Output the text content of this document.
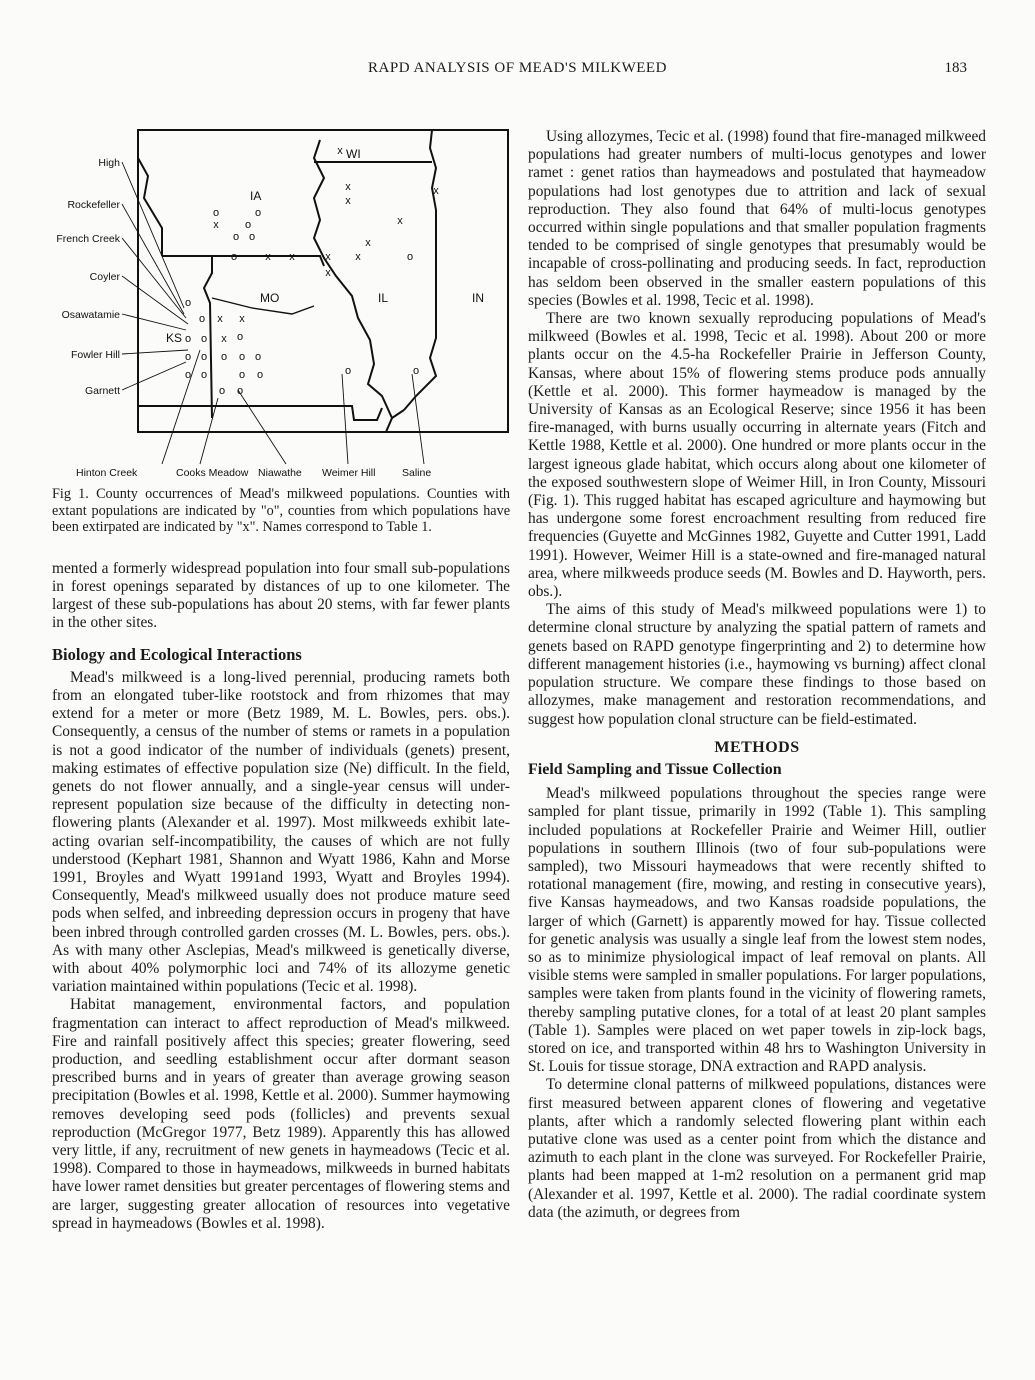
RAPD ANALYSIS OF MEAD'S MILKWEED	183
WI
IA
MO	IL	IN
KS
High
Rockefeller
French Creek
Coyler
Osawatamie
Fowler Hill
Garnett
Hinton Creek	Cooks Meadow Niawathe Weimer Hill	Saline
o	o
o
o o
o	o
o
o
o
o o
o o	o o
o
o o	o o
o o
o	o
x
x
x
x
x
x
x
x
x x
x
x
x
x
x
Fig 1. County occurrences of Mead's milkweed populations. Counties with extant populations are indicated by "o", counties from which populations have been extirpated are indicated by "x". Names correspond to Table 1.

mented a formerly widespread population into four small sub-populations in forest openings separated by distances of up to one kilometer. The largest of these sub-populations has about 20 stems, with far fewer plants in the other sites.

Biology and Ecological Interactions

Mead's milkweed is a long-lived perennial, producing ramets both from an elongated tuber-like rootstock and from rhizomes that may extend for a meter or more (Betz 1989, M. L. Bowles, pers. obs.). Consequently, a census of the number of stems or ramets in a population is not a good indicator of the number of individuals (genets) present, making estimates of effective population size (Ne) difficult. In the field, genets do not flower annually, and a single-year census will under-represent population size because of the difficulty in detecting non-flowering plants (Alexander et al. 1997). Most milkweeds exhibit late-acting ovarian self-incompatibility, the causes of which are not fully understood (Kephart 1981, Shannon and Wyatt 1986, Kahn and Morse 1991, Broyles and Wyatt 1991and 1993, Wyatt and Broyles 1994). Consequently, Mead's milkweed usually does not produce mature seed pods when selfed, and inbreeding depression occurs in progeny that have been inbred through controlled garden crosses (M. L. Bowles, pers. obs.). As with many other Asclepias, Mead's milkweed is genetically diverse, with about 40% polymorphic loci and 74% of its allozyme genetic variation maintained within populations (Tecic et al. 1998).

Habitat management, environmental factors, and population fragmentation can interact to affect reproduction of Mead's milkweed. Fire and rainfall positively affect this species; greater flowering, seed production, and seedling establishment occur after dormant season prescribed burns and in years of greater than average growing season precipitation (Bowles et al. 1998, Kettle et al. 2000). Summer haymowing removes developing seed pods (follicles) and prevents sexual reproduction (McGregor 1977, Betz 1989). Apparently this has allowed very little, if any, recruitment of new genets in haymeadows (Tecic et al. 1998). Compared to those in haymeadows, milkweeds in burned habitats have lower ramet densities but greater percentages of flowering stems and are larger, suggesting greater allocation of resources into vegetative spread in haymeadows (Bowles et al. 1998).

Using allozymes, Tecic et al. (1998) found that fire-managed milkweed populations had greater numbers of multi-locus genotypes and lower ramet : genet ratios than haymeadows and postulated that haymeadow populations had lost genotypes due to attrition and lack of sexual reproduction. They also found that 64% of multi-locus genotypes occurred within single populations and that smaller population fragments tended to be comprised of single genotypes that presumably would be incapable of cross-pollinating and producing seeds. In fact, reproduction has seldom been observed in the smaller eastern populations of this species (Bowles et al. 1998, Tecic et al. 1998).

There are two known sexually reproducing populations of Mead's milkweed (Bowles et al. 1998, Tecic et al. 1998). About 200 or more plants occur on the 4.5-ha Rockefeller Prairie in Jefferson County, Kansas, where about 15% of flowering stems produce pods annually (Kettle et al. 2000). This former haymeadow is managed by the University of Kansas as an Ecological Reserve; since 1956 it has been fire-managed, with burns usually occurring in alternate years (Fitch and Kettle 1988, Kettle et al. 2000). One hundred or more plants occur in the largest igneous glade habitat, which occurs along about one kilometer of the exposed southwestern slope of Weimer Hill, in Iron County, Missouri (Fig. 1). This rugged habitat has escaped agriculture and haymowing but has undergone some forest encroachment resulting from reduced fire frequencies (Guyette and McGinnes 1982, Guyette and Cutter 1991, Ladd 1991). However, Weimer Hill is a state-owned and fire-managed natural area, where milkweeds produce seeds (M. Bowles and D. Hayworth, pers. obs.).

The aims of this study of Mead's milkweed populations were 1) to determine clonal structure by analyzing the spatial pattern of ramets and genets based on RAPD genotype fingerprinting and 2) to determine how different management histories (i.e., haymowing vs burning) affect clonal population structure. We compare these findings to those based on allozymes, make management and restoration recommendations, and suggest how population clonal structure can be field-estimated.

METHODS
Field Sampling and Tissue Collection

Mead's milkweed populations throughout the species range were sampled for plant tissue, primarily in 1992 (Table 1). This sampling included populations at Rockefeller Prairie and Weimer Hill, outlier populations in southern Illinois (two of four sub-populations were sampled), two Missouri haymeadows that were recently shifted to rotational management (fire, mowing, and resting in consecutive years), five Kansas haymeadows, and two Kansas roadside populations, the larger of which (Garnett) is apparently mowed for hay. Tissue collected for genetic analysis was usually a single leaf from the lowest stem nodes, so as to minimize physiological impact of leaf removal on plants. All visible stems were sampled in smaller populations. For larger populations, samples were taken from plants found in the vicinity of flowering ramets, thereby sampling putative clones, for a total of at least 20 plant samples (Table 1). Samples were placed on wet paper towels in zip-lock bags, stored on ice, and transported within 48 hrs to Washington University in St. Louis for tissue storage, DNA extraction and RAPD analysis.

To determine clonal patterns of milkweed populations, distances were first measured between apparent clones of flowering and vegetative plants, after which a randomly selected flowering plant within each putative clone was used as a center point from which the distance and azimuth to each plant in the clone was surveyed. For Rockefeller Prairie, plants had been mapped at 1-m2 resolution on a permanent grid map (Alexander et al. 1997, Kettle et al. 2000). The radial coordinate system data (the azimuth, or degrees from
